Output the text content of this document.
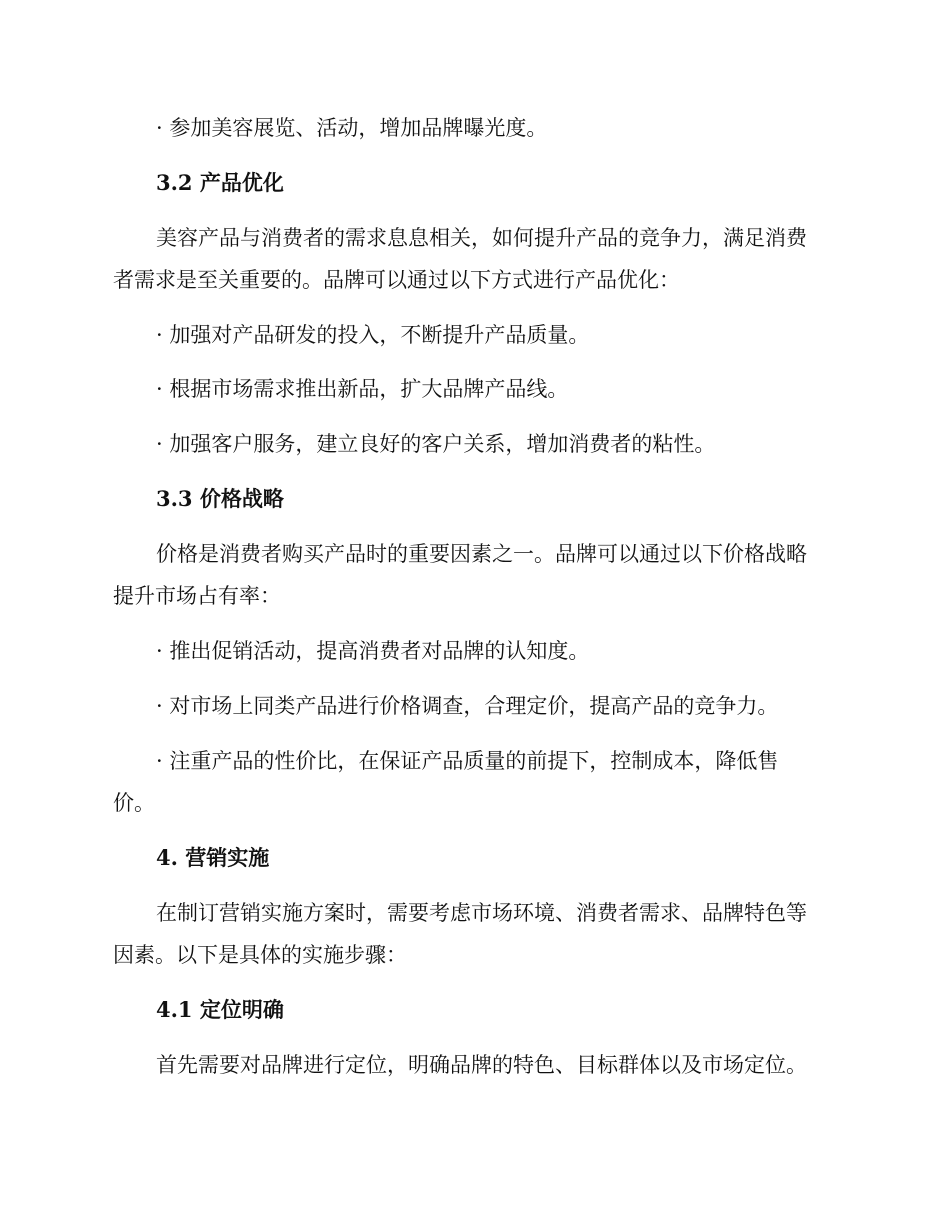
· 参加美容展览、活动，增加品牌曝光度。
3.2 产品优化
美容产品与消费者的需求息息相关，如何提升产品的竞争力，满足消费
者需求是至关重要的。品牌可以通过以下方式进行产品优化：
· 加强对产品研发的投入，不断提升产品质量。
· 根据市场需求推出新品，扩大品牌产品线。
· 加强客户服务，建立良好的客户关系，增加消费者的粘性。
3.3 价格战略
价格是消费者购买产品时的重要因素之一。品牌可以通过以下价格战略
提升市场占有率：
· 推出促销活动，提高消费者对品牌的认知度。
· 对市场上同类产品进行价格调查，合理定价，提高产品的竞争力。
· 注重产品的性价比，在保证产品质量的前提下，控制成本，降低售
价。
4. 营销实施
在制订营销实施方案时，需要考虑市场环境、消费者需求、品牌特色等
因素。以下是具体的实施步骤：
4.1 定位明确
首先需要对品牌进行定位，明确品牌的特色、目标群体以及市场定位。
